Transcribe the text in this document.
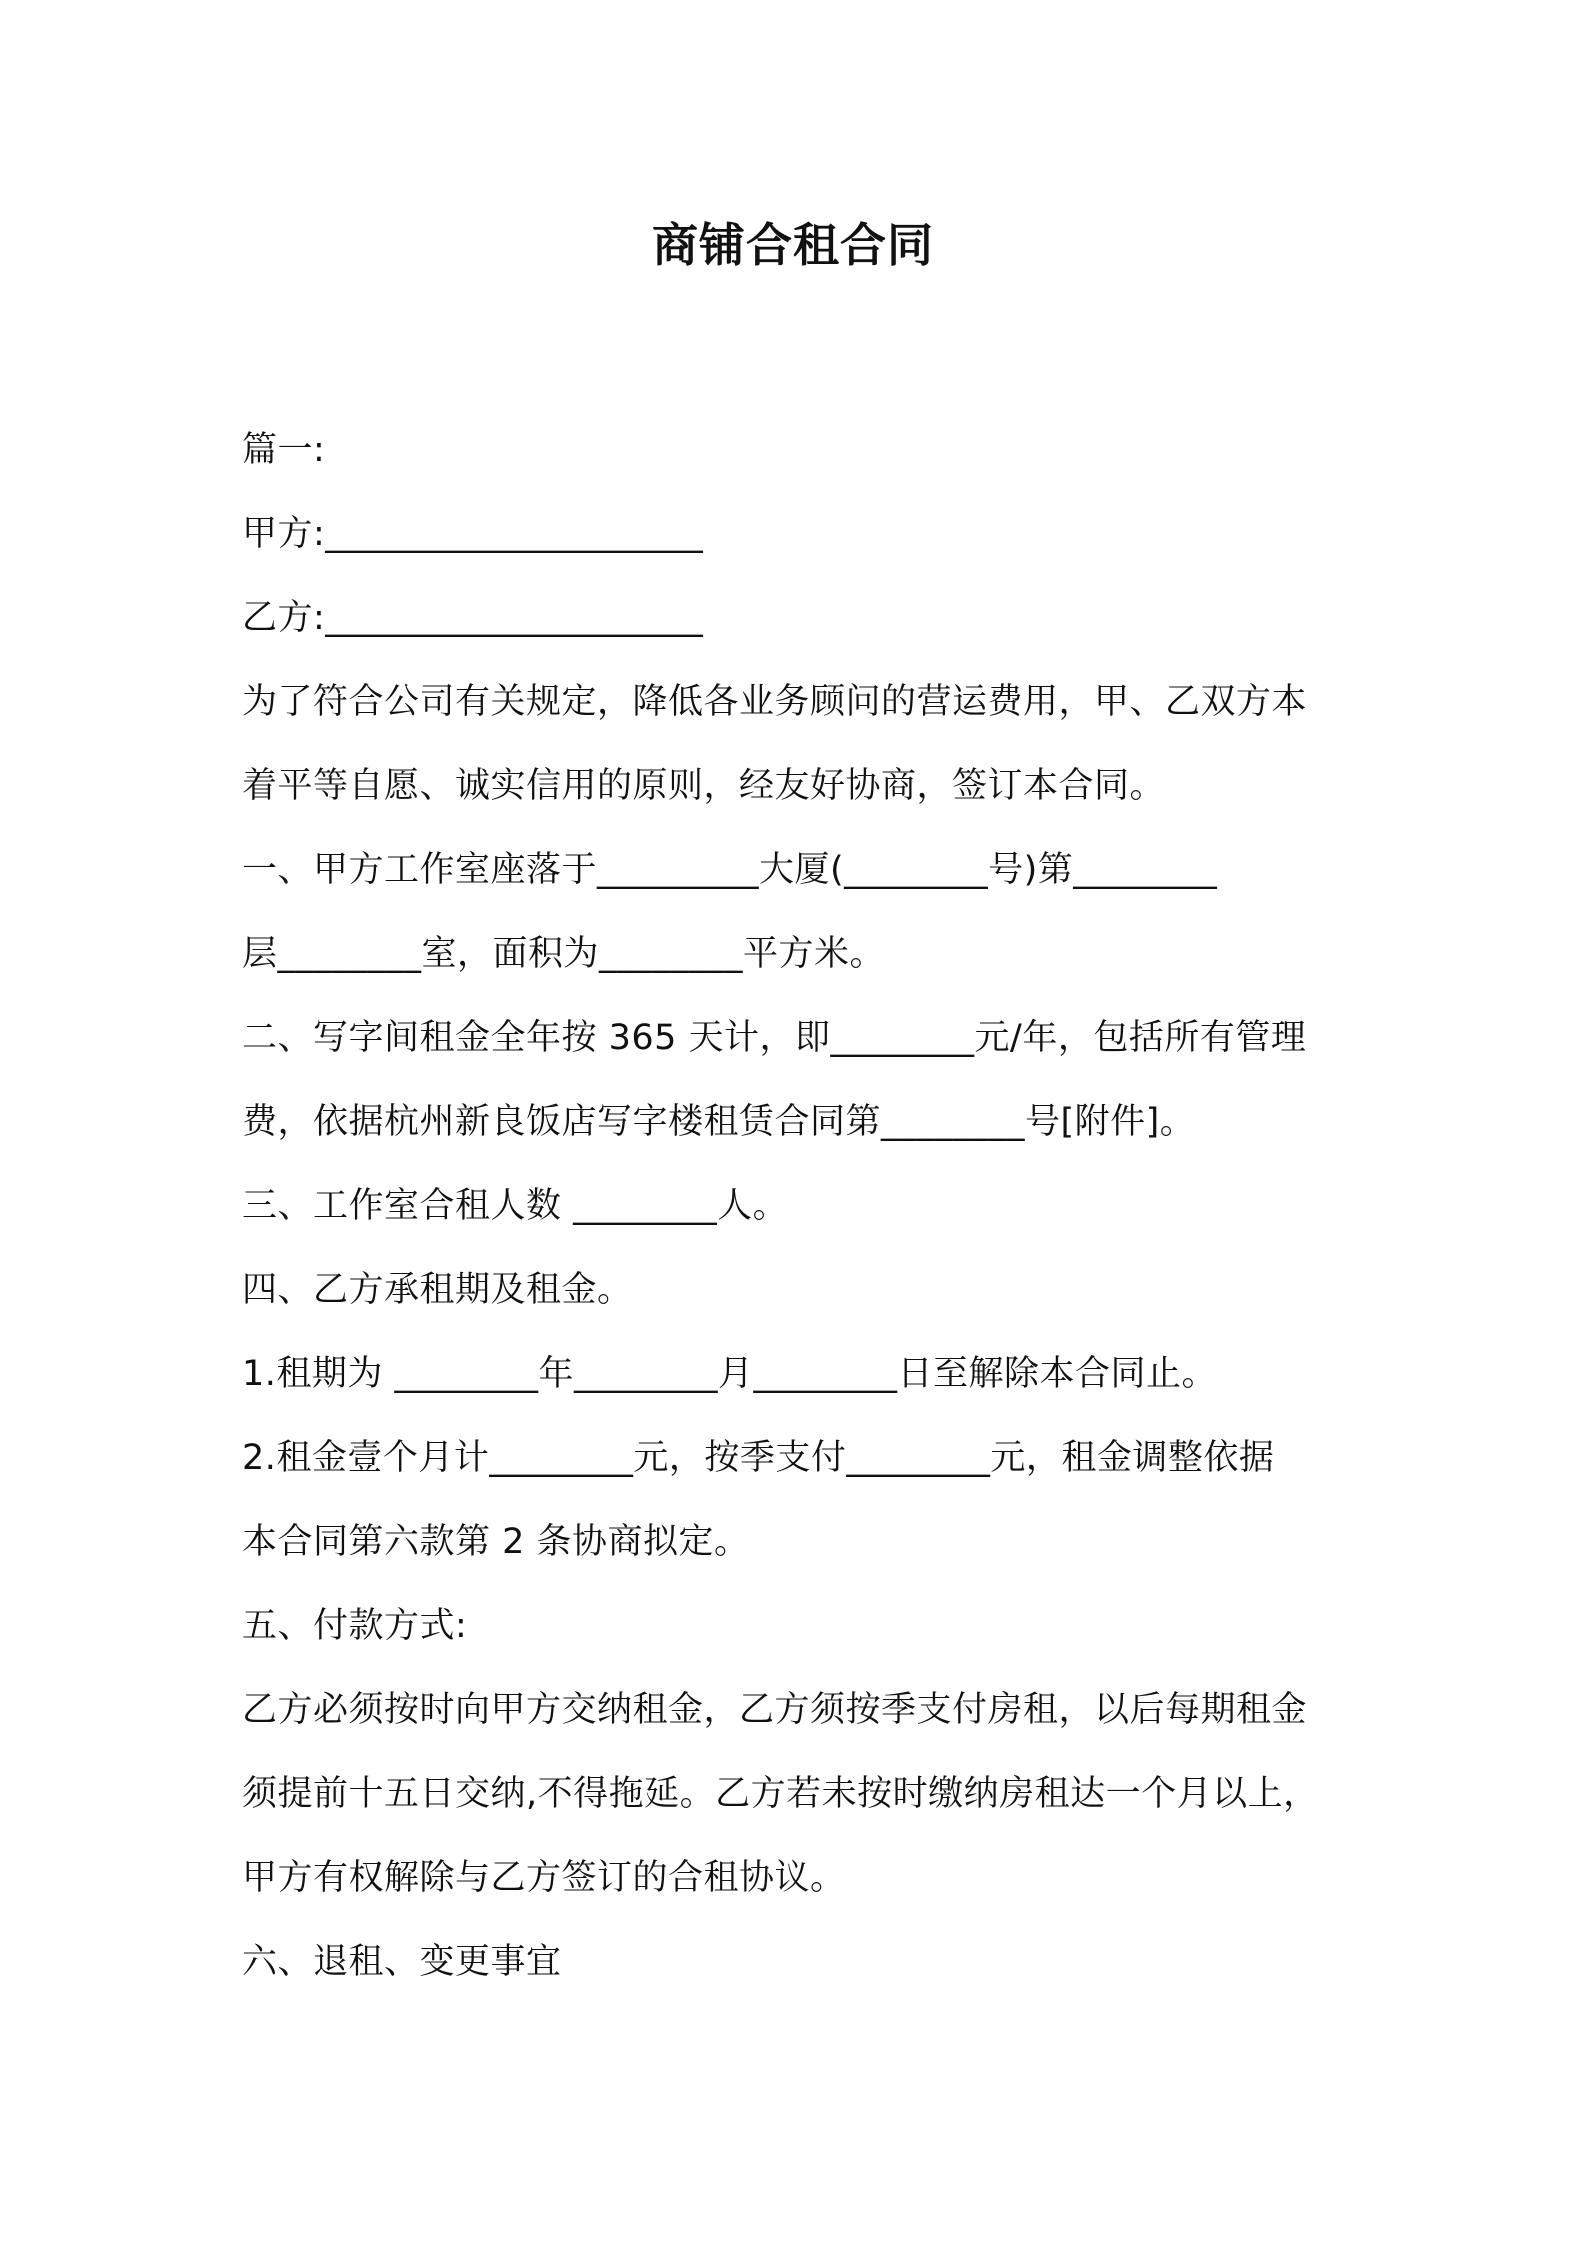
商铺合租合同
篇一:
甲方:_____________________
乙方:_____________________
为了符合公司有关规定，降低各业务顾问的营运费用，甲、乙双方本
着平等自愿、诚实信用的原则，经友好协商，签订本合同。
一、甲方工作室座落于_________大厦(________号)第________
层________室，面积为________平方米。
二、写字间租金全年按 365 天计，即________元/年，包括所有管理
费，依据杭州新良饭店写字楼租赁合同第________号[附件]。
三、工作室合租人数 ________人。
四、乙方承租期及租金。
1.租期为 ________年________月________日至解除本合同止。
2.租金壹个月计________元，按季支付________元，租金调整依据
本合同第六款第 2 条协商拟定。
五、付款方式:
乙方必须按时向甲方交纳租金，乙方须按季支付房租，以后每期租金
须提前十五日交纳,不得拖延。乙方若未按时缴纳房租达一个月以上，
甲方有权解除与乙方签订的合租协议。
六、退租、变更事宜
